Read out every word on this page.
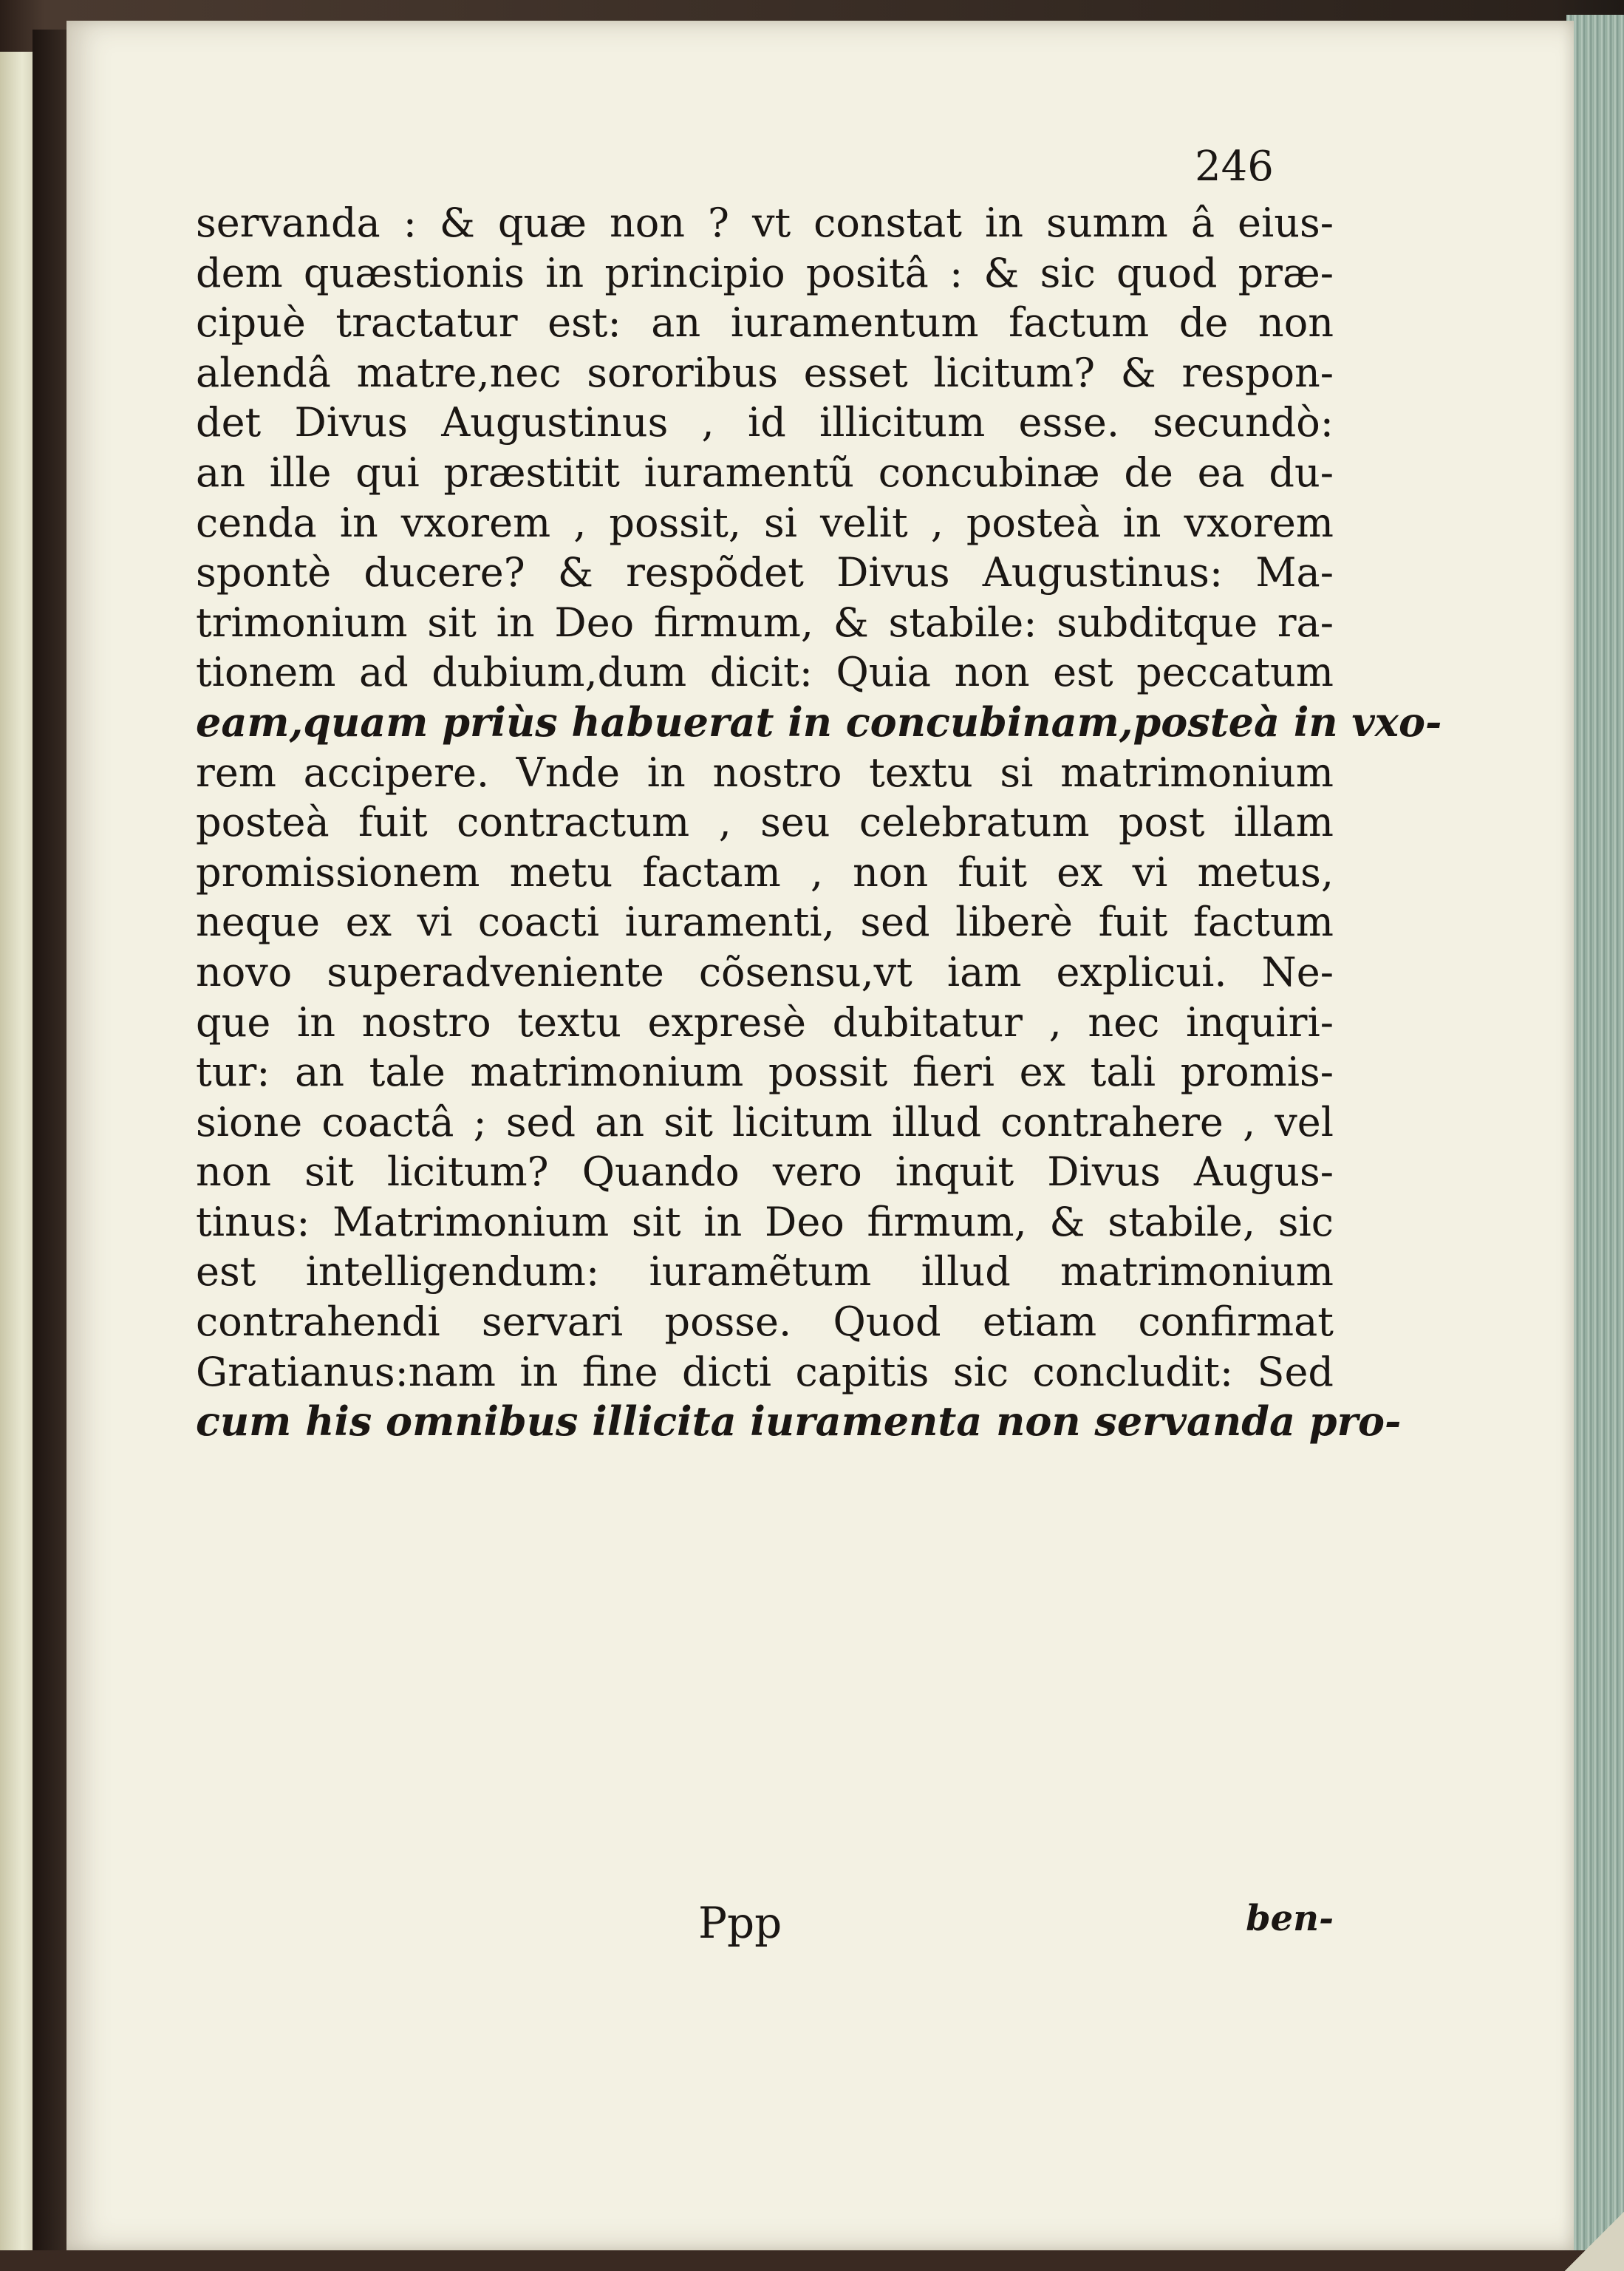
246
servanda : & quæ non ? vt constat in summ â eius-
dem quæstionis in principio positâ : & sic quod præ-
cipuè tractatur est: an iuramentum factum de non
alendâ matre,nec sororibus esset licitum? & respon-
det Divus Augustinus , id illicitum esse. secundò:
an ille qui præstitit iuramentũ concubinæ de ea du-
cenda in vxorem , possit, si velit , posteà in vxorem
spontè ducere? & respõdet Divus Augustinus: Ma-
trimonium sit in Deo firmum, & stabile: subditque ra-
tionem ad dubium,dum dicit: Quia non est peccatum
eam,quam priùs habuerat in concubinam,posteà in vxo-
rem accipere. Vnde in nostro textu si matrimonium
posteà fuit contractum , seu celebratum post illam
promissionem metu factam , non fuit ex vi metus,
neque ex vi coacti iuramenti, sed liberè fuit factum
novo superadveniente cõsensu,vt iam explicui. Ne-
que in nostro textu expresè dubitatur , nec inquiri-
tur: an tale matrimonium possit fieri ex tali promis-
sione coactâ ; sed an sit licitum illud contrahere , vel
non sit licitum? Quando vero inquit Divus Augus-
tinus: Matrimonium sit in Deo firmum, & stabile, sic
est intelligendum: iuramẽtum illud matrimonium
contrahendi servari posse. Quod etiam confirmat
Gratianus:nam in fine dicti capitis sic concludit: Sed
cum his omnibus illicita iuramenta non servanda pro-
Ppp	ben-
